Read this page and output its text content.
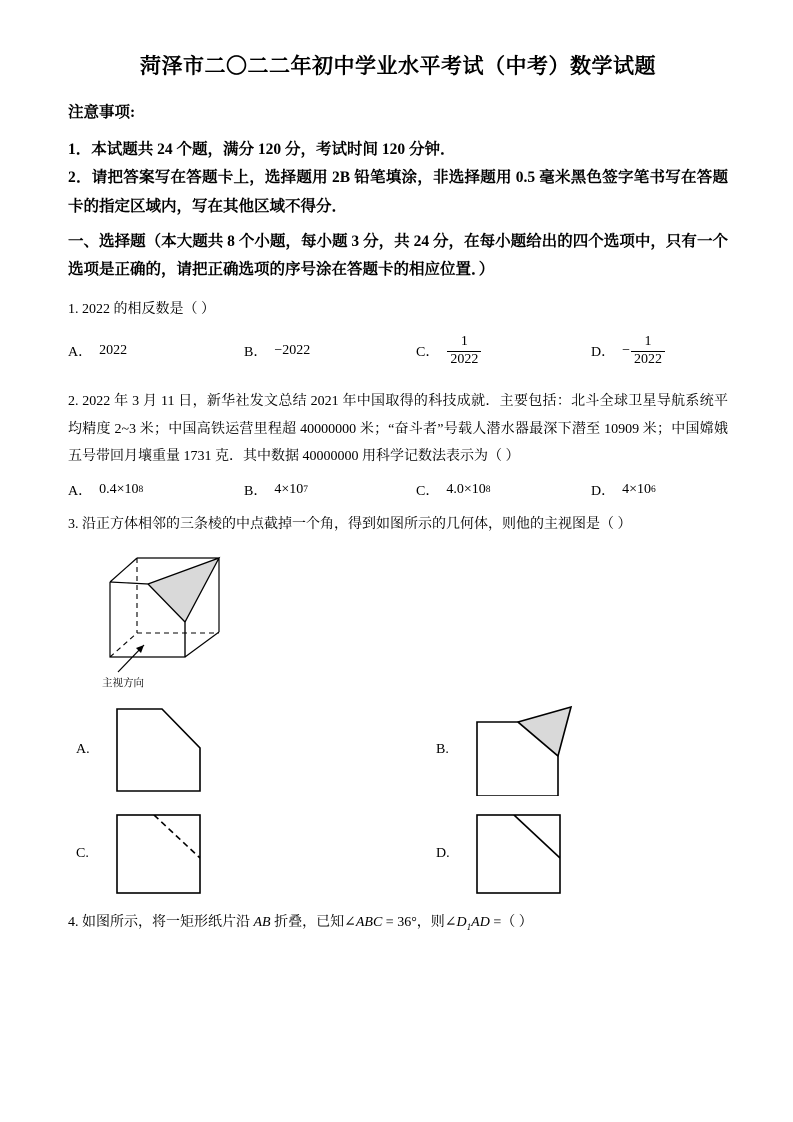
菏泽市二〇二二年初中学业水平考试（中考）数学试题

注意事项:

1．本试题共 24 个题，满分 120 分，考试时间 120 分钟．

2．请把答案写在答题卡上，选择题用 2B 铅笔填涂，非选择题用 0.5 毫米黑色签字笔书写在答题卡的指定区域内，写在其他区域不得分．

一、选择题（本大题共 8 个小题，每小题 3 分，共 24 分，在每小题给出的四个选项中，只有一个选项是正确的，请把正确选项的序号涂在答题卡的相应位置．）

1. 2022 的相反数是（ ）

A． 2022	B． −2022	C． $\frac{1}{2022}$	D． − $\frac{1}{2022}$

2. 2022 年 3 月 11 日，新华社发文总结 2021 年中国取得的科技成就．主要包括：北斗全球卫星导航系统平均精度 2~3 米；中国高铁运营里程超 40000000 米；“奋斗者”号载人潜水器最深下潜至 10909 米；中国嫦娥五号带回月壤重量 1731 克．其中数据 40000000 用科学记数法表示为（ ）

A． 0.4 ×10 8	B． 4 ×10 7	C． 4.0 ×10 8	D． 4 ×10 6

3. 沿正方体相邻的三条棱的中点截掉一个角，得到如图所示的几何体，则他的主视图是（ ）

主视方向

A.	B.
C.	D.

4. 如图所示，将一矩形纸片沿 AB 折叠，已知∠ABC = 36°，则$\angle D_1AD$ =（ ）
